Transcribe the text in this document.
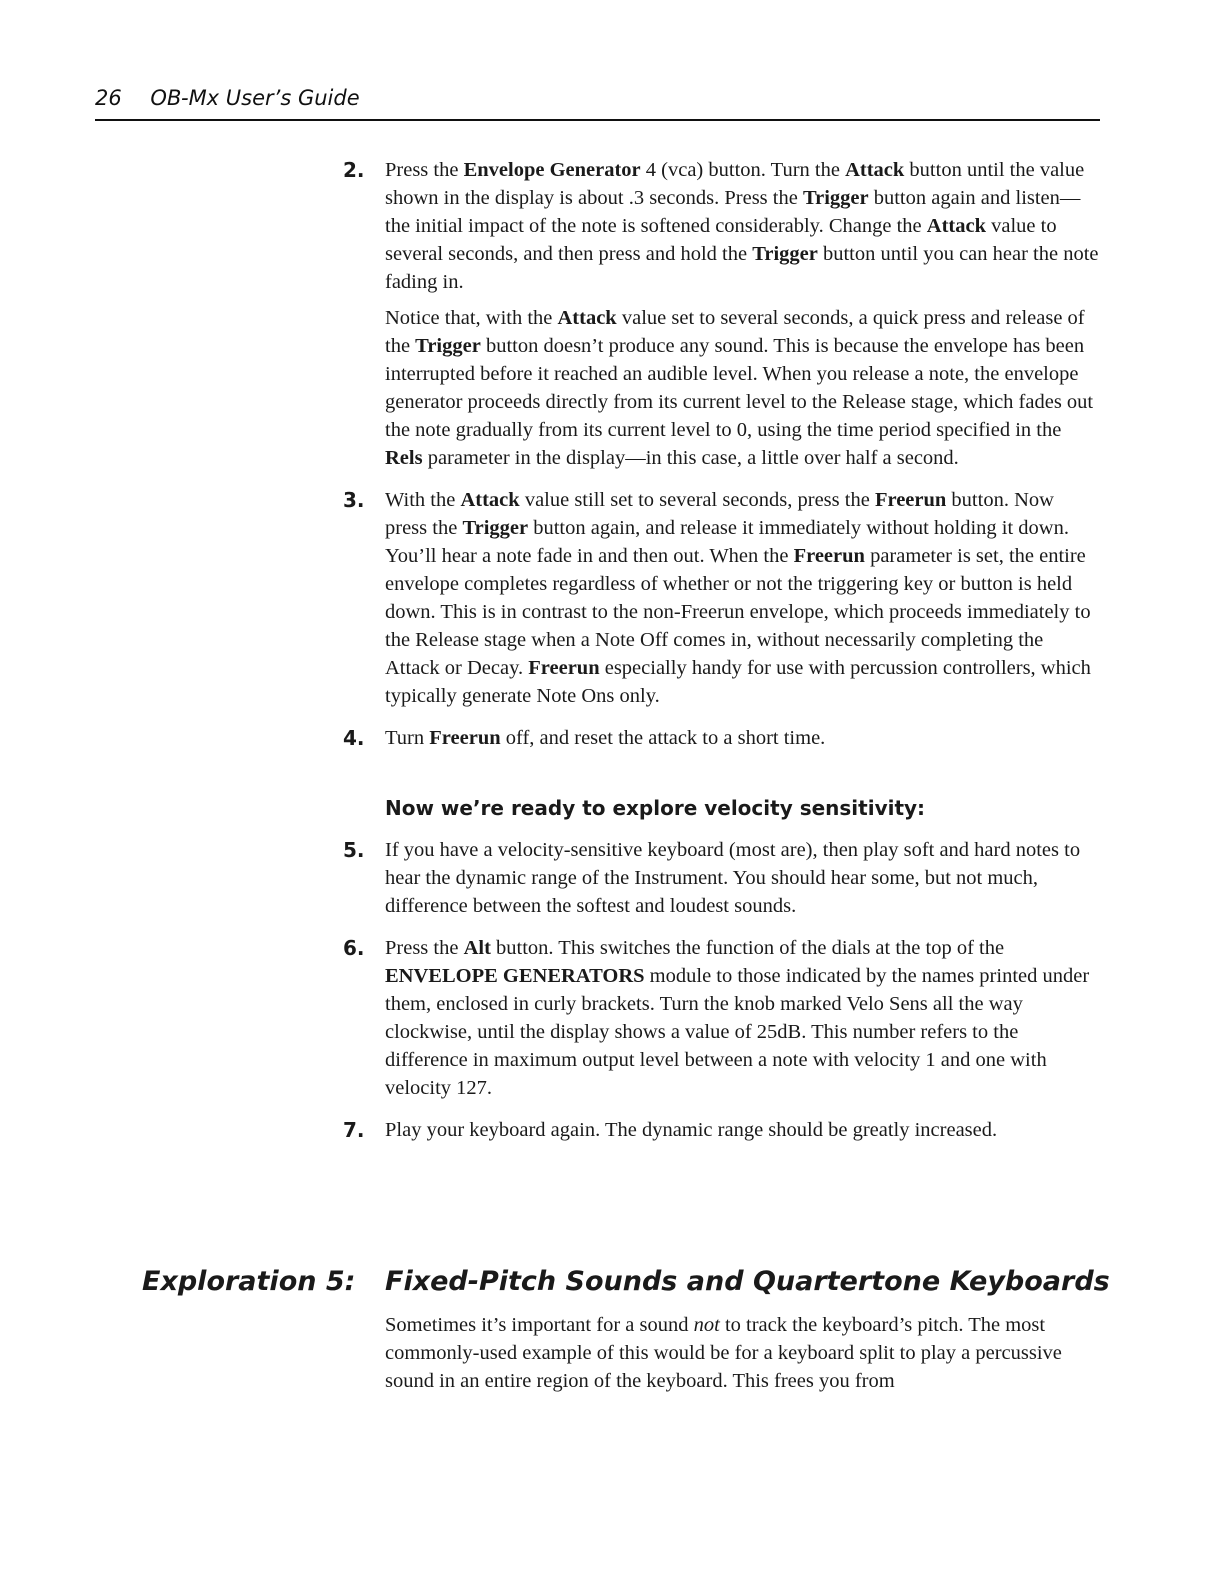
26 OB-Mx User’s Guide
2. Press the Envelope Generator 4 (vca) button. Turn the Attack button until the value shown in the display is about .3 seconds. Press the Trigger button again and listen—the initial impact of the note is softened considerably. Change the Attack value to several seconds, and then press and hold the Trigger button until you can hear the note fading in.

Notice that, with the Attack value set to several seconds, a quick press and release of the Trigger button doesn’t produce any sound. This is because the envelope has been interrupted before it reached an audible level. When you release a note, the envelope generator proceeds directly from its current level to the Release stage, which fades out the note gradually from its current level to 0, using the time period specified in the Rels parameter in the display—in this case, a little over half a second.

3. With the Attack value still set to several seconds, press the Freerun button. Now press the Trigger button again, and release it immediately without holding it down. You’ll hear a note fade in and then out. When the Freerun parameter is set, the entire envelope completes regardless of whether or not the triggering key or button is held down. This is in contrast to the non-Freerun envelope, which proceeds immediately to the Release stage when a Note Off comes in, without necessarily completing the Attack or Decay. Freerun especially handy for use with percussion controllers, which typically generate Note Ons only.

4. Turn Freerun off, and reset the attack to a short time.

Now we’re ready to explore velocity sensitivity:
5. If you have a velocity-sensitive keyboard (most are), then play soft and hard notes to hear the dynamic range of the Instrument. You should hear some, but not much, difference between the softest and loudest sounds.

6. Press the Alt button. This switches the function of the dials at the top of the ENVELOPE GENERATORS module to those indicated by the names printed under them, enclosed in curly brackets. Turn the knob marked Velo Sens all the way clockwise, until the display shows a value of 25dB. This number refers to the difference in maximum output level between a note with velocity 1 and one with velocity 127.

7. Play your keyboard again. The dynamic range should be greatly increased.

Exploration 5: Fixed-Pitch Sounds and Quartertone Keyboards

Sometimes it’s important for a sound not to track the keyboard’s pitch. The most commonly-used example of this would be for a keyboard split to play a percussive sound in an entire region of the keyboard. This frees you from
